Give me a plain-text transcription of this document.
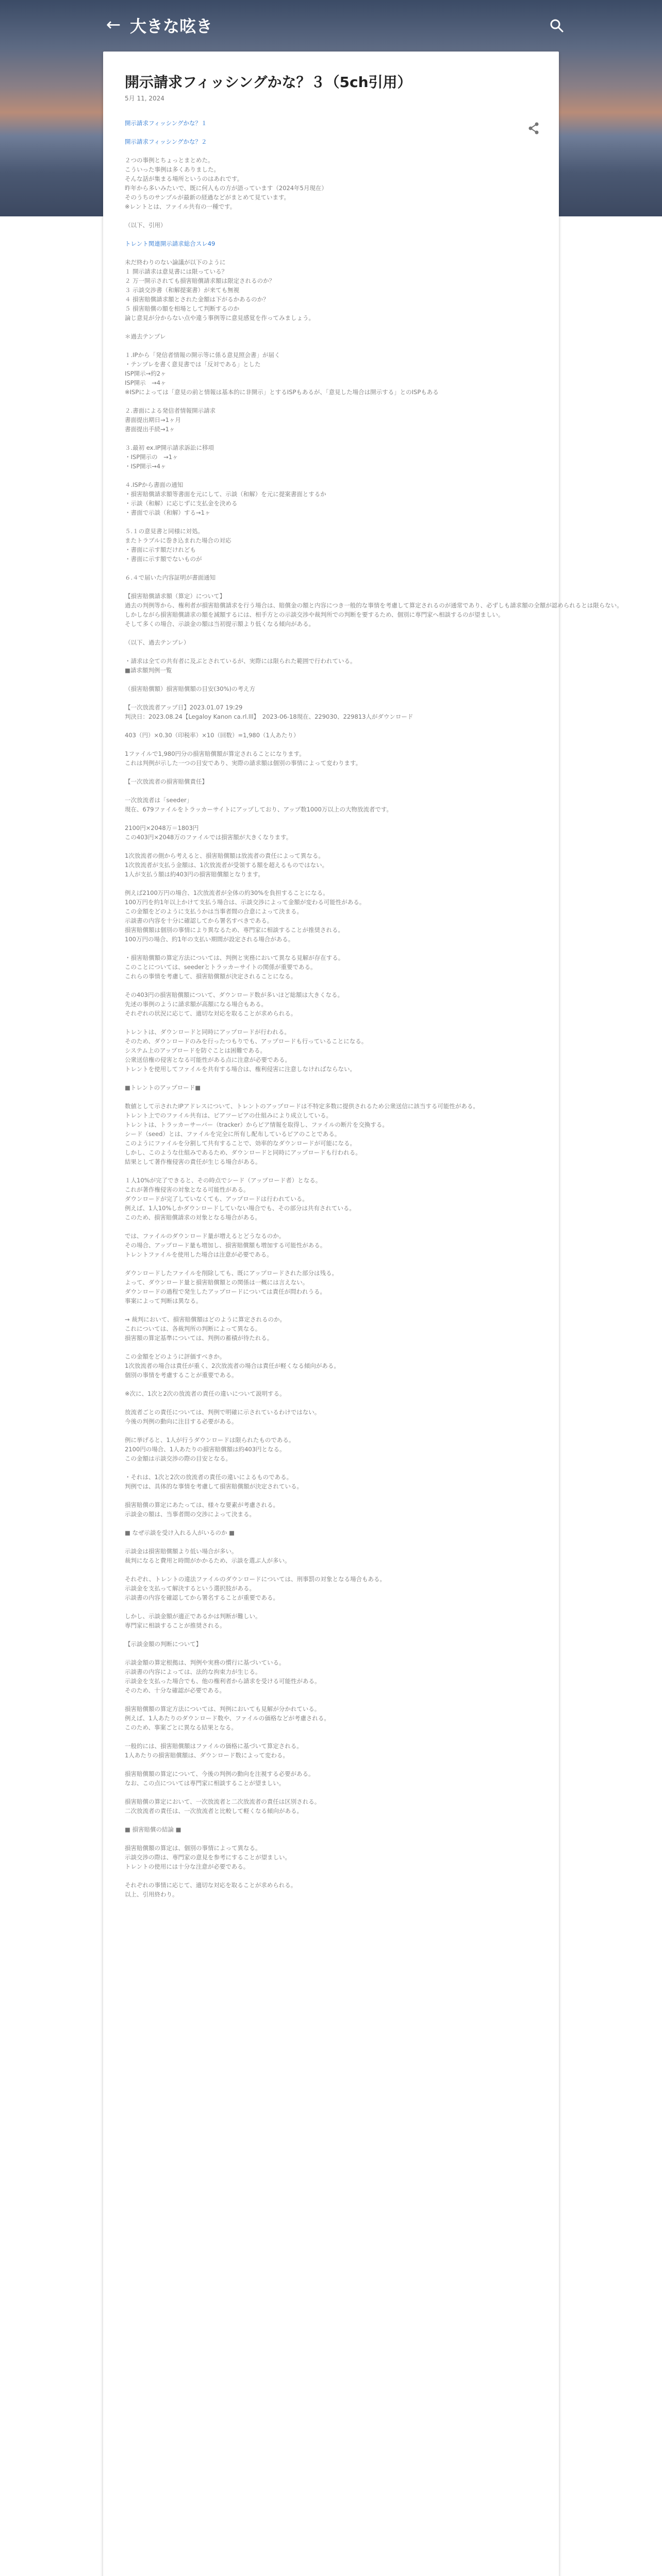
← 大きな呟き
開示請求フィッシングかな？３（5ch引用）
5月 11, 2024
開示請求フィッシングかな？１
開示請求フィッシングかな？２
２つの事例とちょっとまとめた。
こういった事例は多くありました。
そんな話が集まる場所というのはあれです。
昨年から多いみたいで、既に何人もの方が語っています（2024年5月現在）
そのうちのサンプルが最新の経過などがまとめて見ています。
※レントとは、ファイル共有の一種です。
（以下、引用）
トレント関連開示請求総合スレ49
未だ終わりのない論議が以下のように
１ 開示請求は意見書には限っている？
２ 万一開示されても損害賠償請求額は限定されるのか？
３ 示談交渉書（和解提案書）が来ても無視
４ 損害賠償請求額とされた金額は下がるかあるのか？
５ 損害賠償の額を相場として判断するのか
論じ意見が分からない点や違う事例等に意見感覚を作ってみましょう。
＊過去テンプレ
１.IPから「発信者情報の開示等に係る意見照会書」が届く
・テンプレを書く意見書では「反対である」とした
ISP開示→約2ヶ
ISP開示　→4ヶ
※ISPによっては「意見の前と情報は基本的に非開示」とするISPもあるが、「意見した場合は開示する」とのISPもある
２.書面による発信者情報開示請求
書面提出期日→1ヶ月
書面提出手続→1ヶ
３.最初 ex.IP開示請求訴訟に移項
・ISP開示の　→1ヶ
・ISP開示→4ヶ
４.ISPから書面の通知
・損害賠償請求額等書面を元にして、示談（和解）を元に提案書面とするか
・示談（和解）に応じずに支払金を決める
・書面で示談（和解）する→1ヶ
５.１の意見書と同様に対処。
またトラブルに巻き込まれた場合の対応
・書面に示す額だけれども
・書面に示す額でないものが
６.４で届いた内容証明が書面通知
【損害賠償請求額（算定）について】
過去の判例等から、権利者が損害賠償請求を行う場合は、賠償金の額と内容につき一般的な事情を考慮して算定されるのが通常であり、必ずしも請求額の全額が認められるとは限らない。
しかしながら損害賠償請求の額を減額するには、相手方との示談交渉や裁判所での判断を要するため、個別に専門家へ相談するのが望ましい。
そして多くの場合、示談金の額は当初提示額より低くなる傾向がある。
（以下、過去テンプレ）
・請求は全ての共有者に及ぶとされているが、実際には限られた範囲で行われている。
■請求額判例一覧
（損害賠償額）損害賠償額の目安(30%)の考え方
【一次放流者アップ日】2023.01.07 19:29
判決日：2023.08.24【Legaloy Kanon ca.rl.lll】　2023-06-18現在、229030、229813人がダウンロード
403（円）×0.30（印税率）×10（回数）=1,980（1人あたり）
1ファイルで1,980円分の損害賠償額が算定されることになります。
これは判例が示した一つの目安であり、実際の請求額は個別の事情によって変わります。
【一次放流者の損害賠償責任】
一次放流者は「seeder」
現在、679ファイルをトラッカーサイトにアップしており、アップ数1000万以上の大物放流者です。
2100円×2048万＝1803円
この403円×2048万のファイルでは損害額が大きくなります。
1次放流者の側から考えると、損害賠償額は放流者の責任によって異なる。
1次放流者が支払う金額は、1次放流者が受領する額を超えるものではない。
1人が支払う額は約403円の損害賠償額となります。
例えば2100万円の場合、1次放流者が全体の約30%を負担することになる。
100万円を約1年以上かけて支払う場合は、示談交渉によって金額が変わる可能性がある。
この金額をどのように支払うかは当事者間の合意によって決まる。
示談書の内容を十分に確認してから署名すべきである。
損害賠償額は個別の事情により異なるため、専門家に相談することが推奨される。
100万円の場合、約1年の支払い期間が設定される場合がある。
・損害賠償額の算定方法については、判例と実務において異なる見解が存在する。
このことについては、seederとトラッカーサイトの関係が重要である。
これらの事情を考慮して、損害賠償額が決定されることになる。
その403円の損害賠償額について、ダウンロード数が多いほど総額は大きくなる。
先述の事例のように請求額が高額になる場合もある。
それぞれの状況に応じて、適切な対応を取ることが求められる。
トレントは、ダウンロードと同時にアップロードが行われる。
そのため、ダウンロードのみを行ったつもりでも、アップロードも行っていることになる。
システム上のアップロードを防ぐことは困難である。
公衆送信権の侵害となる可能性がある点に注意が必要である。
トレントを使用してファイルを共有する場合は、権利侵害に注意しなければならない。
■トレントのアップロード■
数値として示されたIPアドレスについて、トレントのアップロードは不特定多数に提供されるため公衆送信に該当する可能性がある。
トレント上でのファイル共有は、ピアツーピアの仕組みにより成立している。
トレントは、トラッカーサーバー（tracker）からピア情報を取得し、ファイルの断片を交換する。
シード（seed）とは、ファイルを完全に所有し配布しているピアのことである。
このようにファイルを分割して共有することで、効率的なダウンロードが可能になる。
しかし、このような仕組みであるため、ダウンロードと同時にアップロードも行われる。
結果として著作権侵害の責任が生じる場合がある。
１人10%が完了できると、その時点でシード（アップロード者）となる。
これが著作権侵害の対象となる可能性がある。
ダウンロードが完了していなくても、アップロードは行われている。
例えば、1人10%しかダウンロードしていない場合でも、その部分は共有されている。
このため、損害賠償請求の対象となる場合がある。
では、ファイルのダウンロード量が増えるとどうなるのか。
その場合、アップロード量も増加し、損害賠償額も増加する可能性がある。
トレントファイルを使用した場合は注意が必要である。
ダウンロードしたファイルを削除しても、既にアップロードされた部分は残る。
よって、ダウンロード量と損害賠償額との関係は一概には言えない。
ダウンロードの過程で発生したアップロードについては責任が問われうる。
事案によって判断は異なる。
→ 裁判において、損害賠償額はどのように算定されるのか。
これについては、各裁判所の判断によって異なる。
損害額の算定基準については、判例の蓄積が待たれる。
この金額をどのように評価すべきか。
1次放流者の場合は責任が重く、2次放流者の場合は責任が軽くなる傾向がある。
個別の事情を考慮することが重要である。
※次に、1次と2次の放流者の責任の違いについて説明する。
放流者ごとの責任については、判例で明確に示されているわけではない。
今後の判例の動向に注目する必要がある。
例に挙げると、1人が行うダウンロードは限られたものである。
2100円の場合、1人あたりの損害賠償額は約403円となる。
この金額は示談交渉の際の目安となる。
・それは、1次と2次の放流者の責任の違いによるものである。
判例では、具体的な事情を考慮して損害賠償額が決定されている。
損害賠償の算定にあたっては、様々な要素が考慮される。
示談金の額は、当事者間の交渉によって決まる。
■ なぜ示談を受け入れる人がいるのか ■
示談金は損害賠償額より低い場合が多い。
裁判になると費用と時間がかかるため、示談を選ぶ人が多い。
それぞれ、トレントの違法ファイルのダウンロードについては、刑事罰の対象となる場合もある。
示談金を支払って解決するという選択肢がある。
示談書の内容を確認してから署名することが重要である。
しかし、示談金額が適正であるかは判断が難しい。
専門家に相談することが推奨される。
【示談金額の判断について】
示談金額の算定根拠は、判例や実務の慣行に基づいている。
示談書の内容によっては、法的な拘束力が生じる。
示談金を支払った場合でも、他の権利者から請求を受ける可能性がある。
そのため、十分な確認が必要である。
損害賠償額の算定方法については、判例においても見解が分かれている。
例えば、1人あたりのダウンロード数や、ファイルの価格などが考慮される。
このため、事案ごとに異なる結果となる。
一般的には、損害賠償額はファイルの価格に基づいて算定される。
1人あたりの損害賠償額は、ダウンロード数によって変わる。
損害賠償額の算定について、今後の判例の動向を注視する必要がある。
なお、この点については専門家に相談することが望ましい。
損害賠償の算定において、一次放流者と二次放流者の責任は区別される。
二次放流者の責任は、一次放流者と比較して軽くなる傾向がある。
■ 損害賠償の結論 ■
損害賠償額の算定は、個別の事情によって異なる。
示談交渉の際は、専門家の意見を参考にすることが望ましい。
トレントの使用には十分な注意が必要である。
それぞれの事情に応じて、適切な対応を取ることが求められる。
以上、引用終わり。
